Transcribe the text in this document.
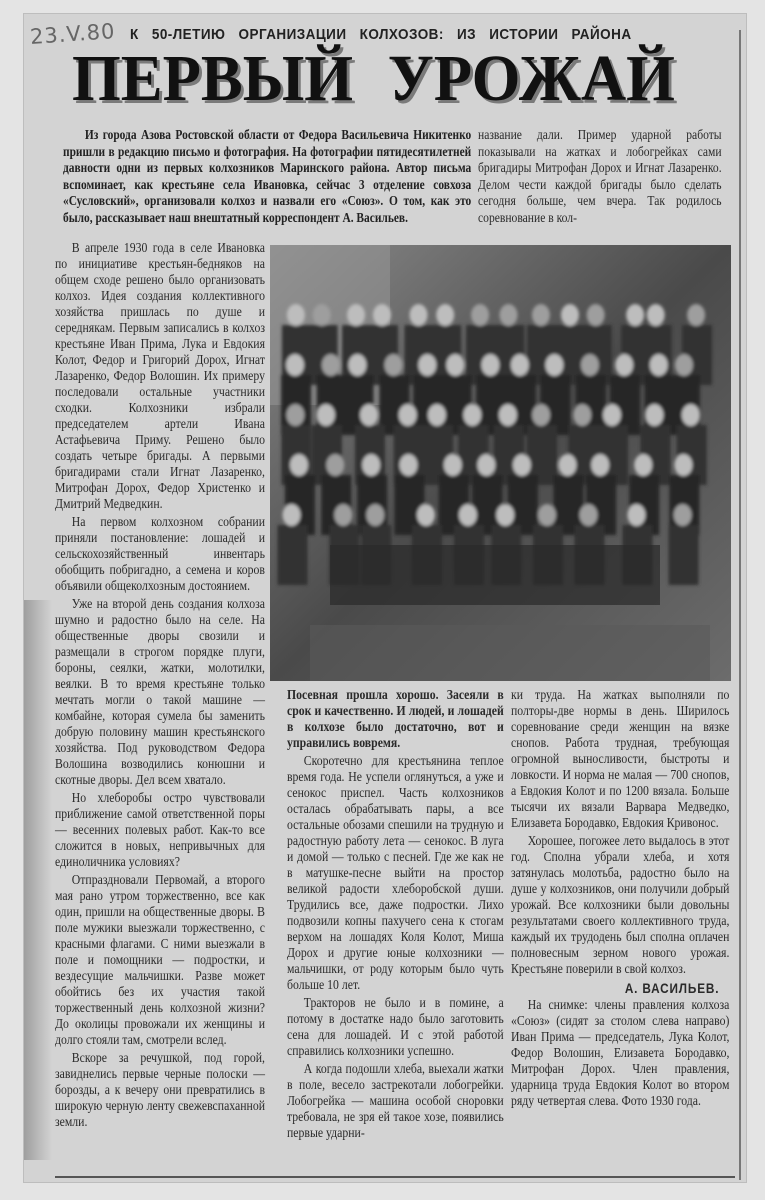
23.V.80 К 50-ЛЕТИЮ ОРГАНИЗАЦИИ КОЛХОЗОВ: ИЗ ИСТОРИИ РАЙОНА
ПЕРВЫЙ УРОЖАЙ
Из города Азова Ростовской области от Федора Васильевича Никитенко пришли в редакцию письмо и фотография. На фотографии пятидесятилетней давности одни из первых колхозников Маринского района. Автор письма вспоминает, как крестьяне села Ивановка, сейчас 3 отделение совхоза «Сусловский», организовали колхоз и назвали его «Союз». О том, как это было, рассказывает наш внештатный корреспондент А. Васильев.

название дали. Пример ударной работы показывали на жатках и лобогрейках сами бригадиры Митрофан Дорох и Игнат Лазаренко. Делом чести каждой бригады было сделать сегодня больше, чем вчера. Так родилось соревнование в кол-

В апреле 1930 года в селе Ивановка по инициативе крестьян-бедняков на общем сходе решено было организовать колхоз. Идея создания коллективного хозяйства пришлась по душе и середнякам. Первым записались в колхоз крестьяне Иван Прима, Лука и Евдокия Колот, Федор и Григорий Дорох, Игнат Лазаренко, Федор Волошин. Их примеру последовали остальные участники сходки. Колхозники избрали председателем артели Ивана Астафьевича Приму. Решено было создать четыре бригады. А первыми бригадирами стали Игнат Лазаренко, Митрофан Дорох, Федор Христенко и Дмитрий Медведкин.

На первом колхозном собрании приняли постановление: лошадей и сельскохозяйственный инвентарь обобщить побригадно, а семена и коров объявили общеколхозным достоянием.

Уже на второй день создания колхоза шумно и радостно было на селе. На общественные дворы свозили и размещали в строгом порядке плуги, бороны, сеялки, жатки, молотилки, веялки. В то время крестьяне только мечтать могли о такой машине — комбайне, которая сумела бы заменить добрую половину машин крестьянского хозяйства. Под руководством Федора Волошина возводились конюшни и скотные дворы. Дел всем хватало.

Но хлеборобы остро чувствовали приближение самой ответственной поры — весенних полевых работ. Как-то все сложится в новых, непривычных для единоличника условиях?

Отпраздновали Первомай, а второго мая рано утром торжественно, все как один, пришли на общественные дворы. В поле мужики выезжали торжественно, с красными флагами. С ними выезжали в поле и помощники — подростки, и вездесущие мальчишки. Разве может обойтись без их участия такой торжественный день колхозной жизни? До околицы провожали их женщины и долго стояли там, смотрели вслед.

Вскоре за речушкой, под горой, завиднелись первые черные полоски — борозды, а к вечеру они превратились в широкую черную ленту свежевспаханной земли.

Посевная прошла хорошо. Засеяли в срок и качественно. И людей, и лошадей в колхозе было достаточно, вот и управились вовремя.

Скоротечно для крестьянина теплое время года. Не успели оглянуться, а уже и сенокос приспел. Часть колхозников осталась обрабатывать пары, а все остальные обозами спешили на трудную и радостную работу лета — сенокос. В луга и домой — только с песней. Где же как не в матушке-песне выйти на простор великой радости хлеборобской души. Трудились все, даже подростки. Лихо подвозили копны пахучего сена к стогам верхом на лошадях Коля Колот, Миша Дорох и другие юные колхозники — мальчишки, от роду которым было чуть больше 10 лет.

Тракторов не было и в помине, а потому в достатке надо было заготовить сена для лошадей. И с этой работой справились колхозники успешно.

А когда подошли хлеба, выехали жатки в поле, весело застрекотали лобогрейки. Лобогрейка — машина особой сноровки требовала, не зря ей такое хозе, появились первые ударни-

ки труда. На жатках выполняли по полторы-две нормы в день. Ширилось соревнование среди женщин на вязке снопов. Работа трудная, требующая огромной выносливости, быстроты и ловкости. И норма не малая — 700 снопов, а Евдокия Колот и по 1200 вязала. Больше тысячи их вязали Варвара Медведко, Елизавета Бородавко, Евдокия Кривонос.

Хорошее, погожее лето выдалось в этот год. Сполна убрали хлеба, и хотя затянулась молотьба, радостно было на душе у колхозников, они получили добрый урожай. Все колхозники были довольны результатами своего коллективного труда, каждый их трудодень был сполна оплачен полновесным зерном нового урожая. Крестьяне поверили в свой колхоз.

А. ВАСИЛЬЕВ.

На снимке: члены правления колхоза «Союз» (сидят за столом слева направо) Иван Прима — председатель, Лука Колот, Федор Волошин, Елизавета Бородавко, Митрофан Дорох. Член правления, ударница труда Евдокия Колот во втором ряду четвертая слева. Фото 1930 года.
